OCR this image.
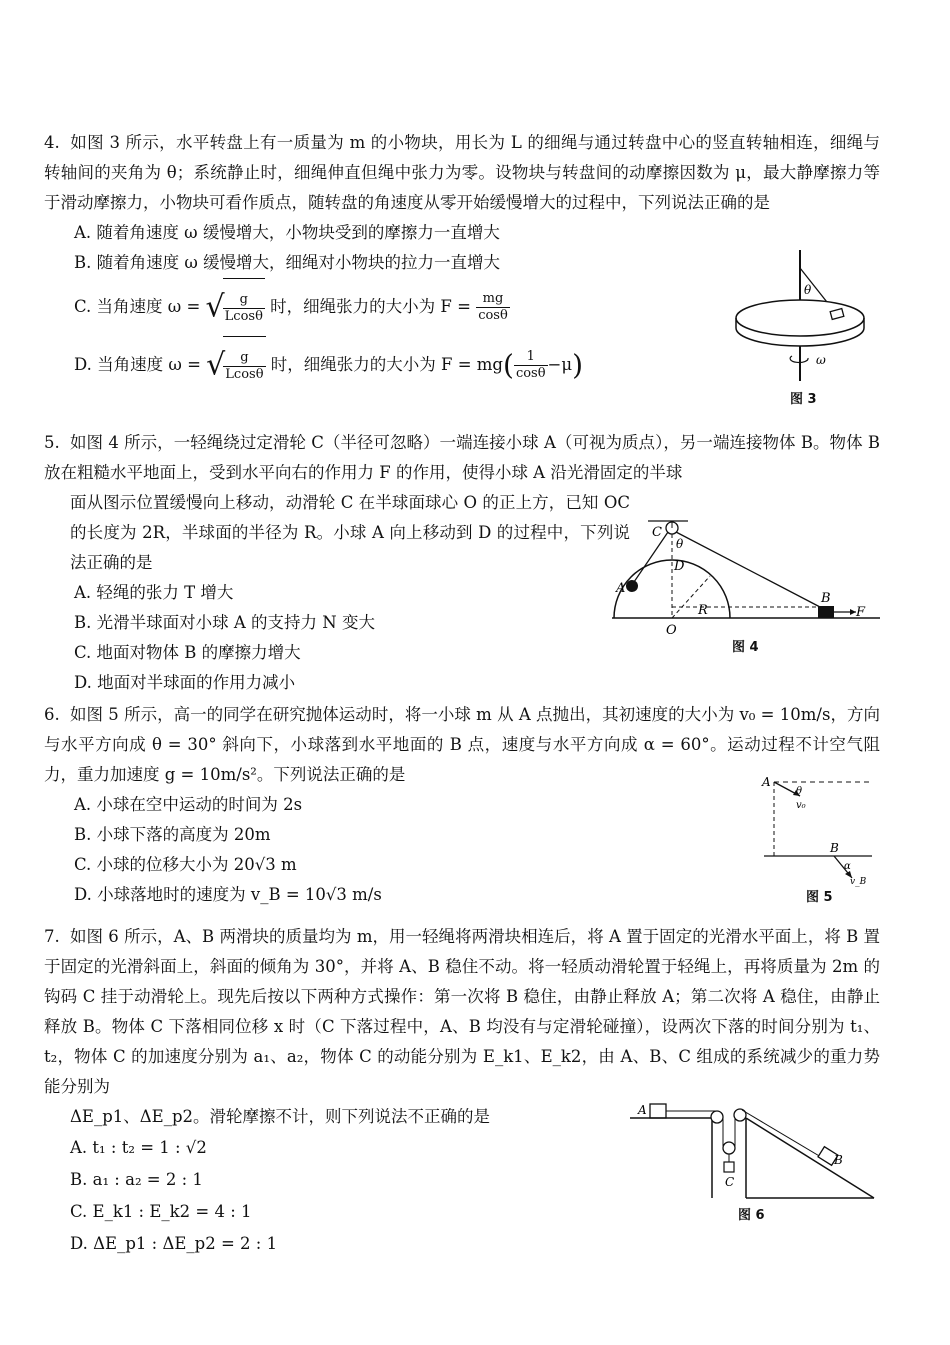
4. 如图 3 所示，水平转盘上有一质量为 m 的小物块，用长为 L 的细绳与通过转盘中心的竖直转轴相连，细绳与转轴间的夹角为 θ；系统静止时，细绳伸直但绳中张力为零。设物块与转盘间的动摩擦因数为 μ，最大静摩擦力等于滑动摩擦力，小物块可看作质点，随转盘的角速度从零开始缓慢增大的过程中，下列说法正确的是

A. 随着角速度 ω 缓慢增大，小物块受到的摩擦力一直增大
B. 随着角速度 ω 缓慢增大，细绳对小物块的拉力一直增大
C. 当角速度 ω = √
$\frac{g}{Lcos\theta}$ 时，细绳张力的大小为 $F = \frac{mg}{\cos\theta}$
D. 当角速度 ω = √
$\frac{g}{Lcos\theta}$ 时，细绳张力的大小为 $F = mg( \frac{1}{\cos\theta} -\mu)$
θ
ω
图 3

5. 如图 4 所示，一轻绳绕过定滑轮 C（半径可忽略）一端连接小球 A（可视为质点），另一端连接物体 B。物体 B 放在粗糙水平地面上，受到水平向右的作用力 F 的作用，使得小球 A 沿光滑固定的半球

面从图示位置缓慢向上移动，动滑轮 C 在半球面球心 O 的正上方，已知 OC 的长度为 2R，半球面的半径为 R。小球 A 向上移动到 D 的过程中，下列说法正确的是

A. 轻绳的张力 T 增大
B. 光滑半球面对小球 A 的支持力 N 变大
C. 地面对物体 B 的摩擦力增大
D. 地面对半球面的作用力减小
C
θ
D
A
R
O
B
F
图 4

6. 如图 5 所示，高一的同学在研究抛体运动时，将一小球 m 从 A 点抛出，其初速度的大小为 v₀ = 10m/s，方向与水平方向成 θ = 30° 斜向下，小球落到水平地面的 B 点，速度与水平方向成 α = 60°。运动过程不计空气阻力，重力加速度 g = 10m/s²。下列说法正确的是

A. 小球在空中运动的时间为 2s
B. 小球下落的高度为 20m
C. 小球的位移大小为 20√3 m
D. 小球落地时的速度为 v_B = 10√3 m/s
A
θ
v₀
B
α
v_B
图 5

7. 如图 6 所示，A、B 两滑块的质量均为 m，用一轻绳将两滑块相连后，将 A 置于固定的光滑水平面上，将 B 置于固定的光滑斜面上，斜面的倾角为 30°，并将 A、B 稳住不动。将一轻质动滑轮置于轻绳上，再将质量为 2m 的钩码 C 挂于动滑轮上。现先后按以下两种方式操作：第一次将 B 稳住，由静止释放 A；第二次将 A 稳住，由静止释放 B。物体 C 下落相同位移 x 时（C 下落过程中，A、B 均没有与定滑轮碰撞），设两次下落的时间分别为 t₁、t₂，物体 C 的加速度分别为 a₁、a₂，物体 C 的动能分别为 E_k1、E_k2，由 A、B、C 组成的系统减少的重力势能分别为

ΔE_p1、ΔE_p2。滑轮摩擦不计，则下列说法不正确的是
A. t₁ : t₂ = 1 : √2
B. a₁ : a₂ = 2 : 1
C. E_k1 : E_k2 = 4 : 1
D. ΔE_p1 : ΔE_p2 = 2 : 1
A
C
B
图 6
